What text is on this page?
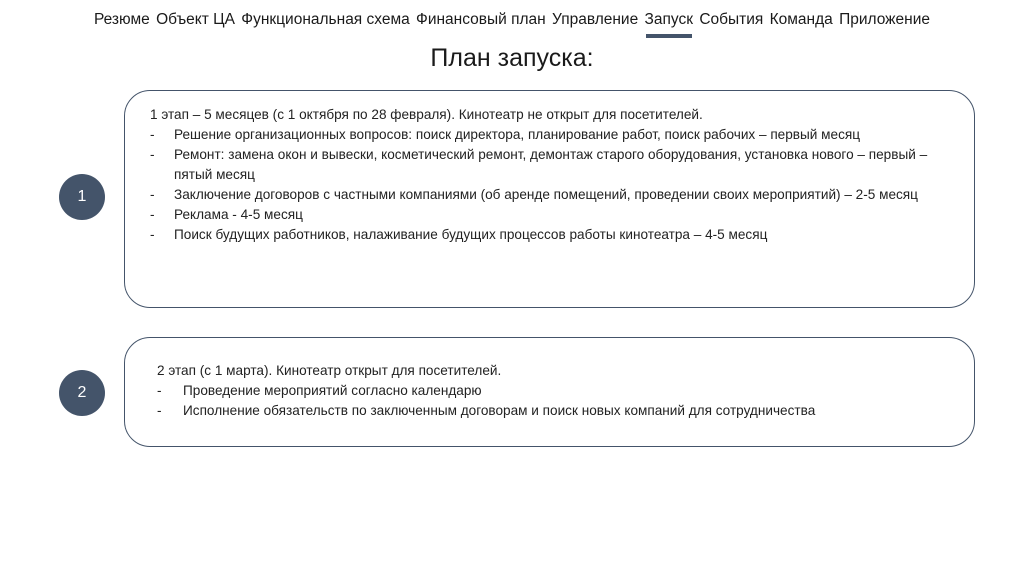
Резюме Объект ЦА Функциональная схема Финансовый план Управление Запуск События Команда Приложение
План запуска:
1

1 этап – 5 месяцев (с 1 октября по 28 февраля). Кинотеатр не открыт для посетителей.

- Решение организационных вопросов: поиск директора, планирование работ, поиск рабочих – первый месяц
- Ремонт: замена окон и вывески, косметический ремонт, демонтаж старого оборудования, установка нового – первый – пятый месяц
- Заключение договоров с частными компаниями (об аренде помещений, проведении своих мероприятий) – 2-5 месяц
- Реклама - 4-5 месяц
- Поиск будущих работников, налаживание будущих процессов работы кинотеатра – 4-5 месяц
2

2 этап (с 1 марта). Кинотеатр открыт для посетителей.

- Проведение мероприятий согласно календарю
- Исполнение обязательств по заключенным договорам и поиск новых компаний для сотрудничества
